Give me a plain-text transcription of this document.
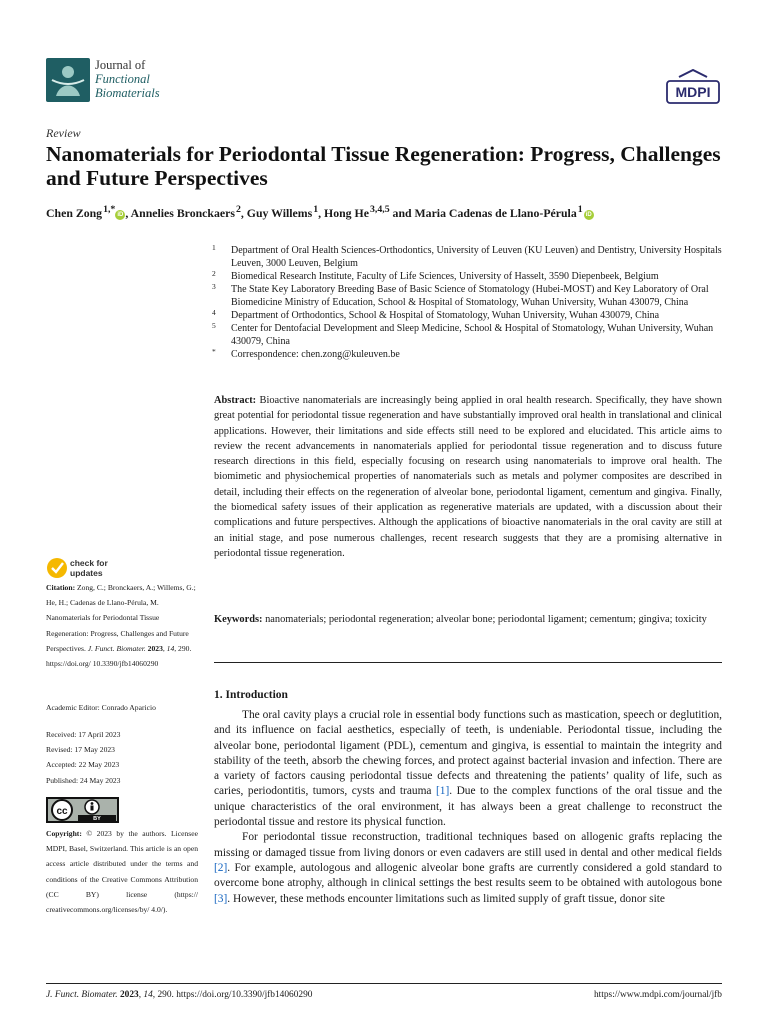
Journal of
Functional
Biomaterials	MDPI
Review
Nanomaterials for Periodontal Tissue Regeneration: Progress, Challenges and Future Perspectives
Chen Zong $^{1,*}$ iD , Annelies Bronckaers $^2$, Guy Willems $^1$, Hong He $^{3,4,5}$ and Maria Cadenas de Llano-Pérula $^1$  iD
1 Department of Oral Health Sciences-Orthodontics, University of Leuven (KU Leuven) and Dentistry, University Hospitals Leuven, 3000 Leuven, Belgium
2 Biomedical Research Institute, Faculty of Life Sciences, University of Hasselt, 3590 Diepenbeek, Belgium
3 The State Key Laboratory Breeding Base of Basic Science of Stomatology (Hubei-MOST) and Key Laboratory of Oral Biomedicine Ministry of Education, School & Hospital of Stomatology, Wuhan University, Wuhan 430079, China
4 Department of Orthodontics, School & Hospital of Stomatology, Wuhan University, Wuhan 430079, China
5 Center for Dentofacial Development and Sleep Medicine, School & Hospital of Stomatology, Wuhan University, Wuhan 430079, China
* Correspondence: chen.zong@kuleuven.be
Abstract: Bioactive nanomaterials are increasingly being applied in oral health research. Specifically, they have shown great potential for periodontal tissue regeneration and have substantially improved oral health in translational and clinical applications. However, their limitations and side effects still need to be explored and elucidated. This article aims to review the recent advancements in nanomaterials applied for periodontal tissue regeneration and to discuss future research directions in this field, especially focusing on research using nanomaterials to improve oral health. The biomimetic and physiochemical properties of nanomaterials such as metals and polymer composites are described in detail, including their effects on the regeneration of alveolar bone, periodontal ligament, cementum and gingiva. Finally, the biomedical safety issues of their application as regenerative materials are updated, with a discussion about their complications and future perspectives. Although the applications of bioactive nanomaterials in the oral cavity are still at an initial stage, and pose numerous challenges, recent research suggests that they are a promising alternative in periodontal tissue regeneration.
Keywords: nanomaterials; periodontal regeneration; alveolar bone; periodontal ligament; cementum; gingiva; toxicity
1. Introduction

The oral cavity plays a crucial role in essential body functions such as mastication, speech or deglutition, and its influence on facial aesthetics, especially of teeth, is undeniable. Periodontal tissue, including the alveolar bone, periodontal ligament (PDL), cementum and gingiva, is essential to maintain the integrity and stability of the teeth, absorb the chewing forces, and protect against bacterial invasion and infection. There are a variety of factors causing periodontal tissue defects and threatening the patients’ quality of life, such as caries, periodontitis, tumors, cysts and trauma [1]. Due to the complex functions of the oral tissue and the unique characteristics of the oral environment, it has always been a great challenge to reconstruct the periodontal tissue and restore its physical function.

For periodontal tissue reconstruction, traditional techniques based on allogenic grafts replacing the missing or damaged tissue from living donors or even cadavers are still used in dental and other medical fields [2]. For example, autologous and allogenic alveolar bone grafts are currently considered a gold standard to overcome bone atrophy, although in clinical settings the best results seem to be obtained with autologous bone [3]. However, these methods encounter limitations such as limited supply of graft tissue, donor site

check for
updates
Citation: Zong, C.; Bronckaers, A.; Willems, G.; He, H.; Cadenas de Llano-Pérula, M. Nanomaterials for Periodontal Tissue Regeneration: Progress, Challenges and Future Perspectives. J. Funct. Biomater. 2023, 14, 290. https://doi.org/ 10.3390/jfb14060290
Academic Editor: Conrado Aparicio
Received: 17 April 2023
Revised: 17 May 2023
Accepted: 22 May 2023
Published: 24 May 2023
cc
BY
Copyright: © 2023 by the authors. Licensee MDPI, Basel, Switzerland. This article is an open access article distributed under the terms and conditions of the Creative Commons Attribution (CC BY) license (https:// creativecommons.org/licenses/by/ 4.0/).
J. Funct. Biomater. 2023, 14, 290. https://doi.org/10.3390/jfb14060290	https://www.mdpi.com/journal/jfb
